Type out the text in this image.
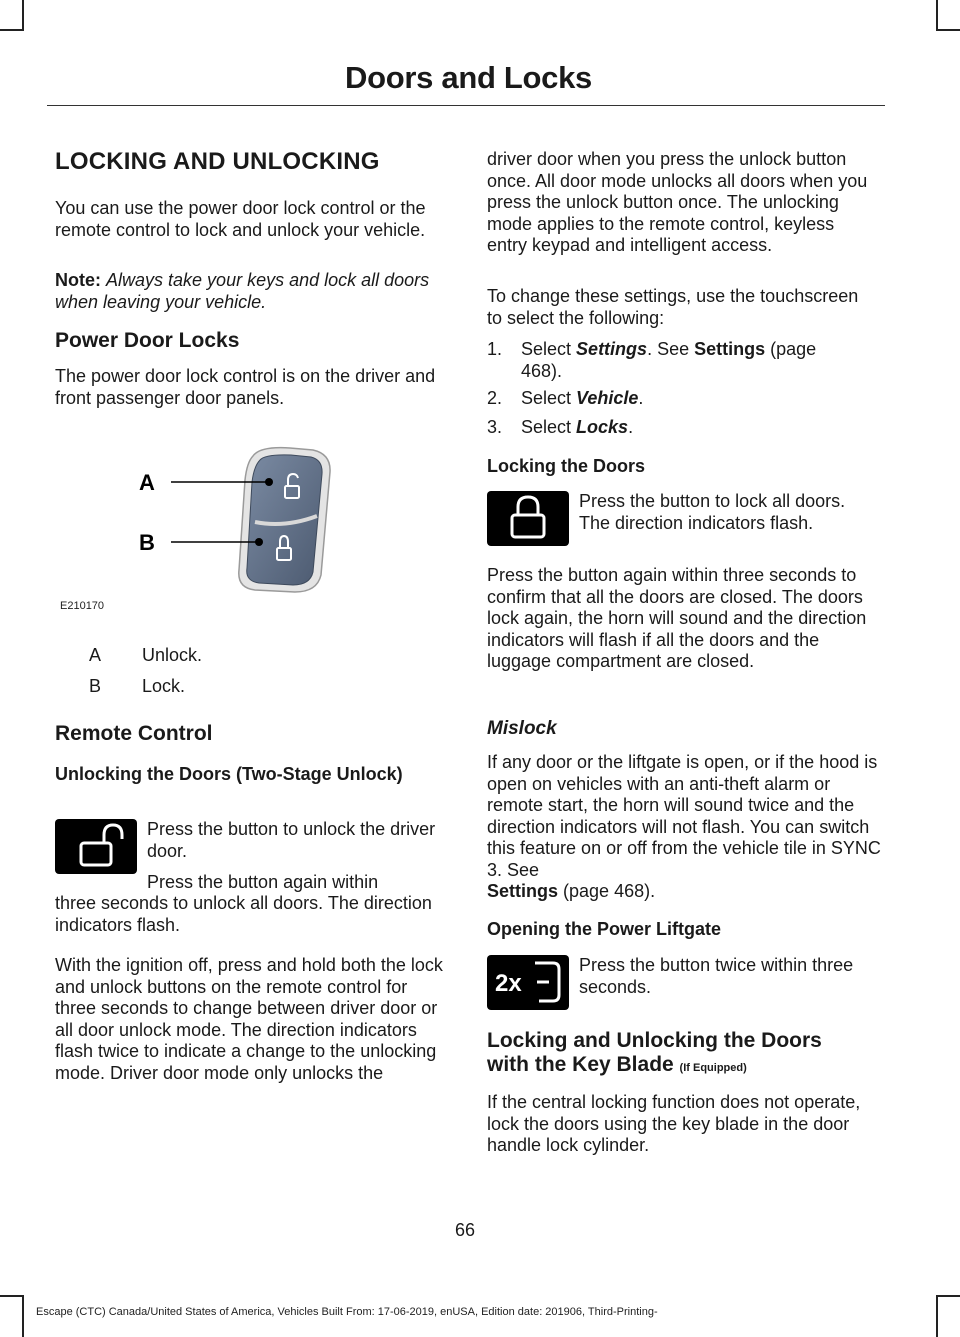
Doors and Locks
LOCKING AND UNLOCKING
You can use the power door lock control or the remote control to lock and unlock your vehicle.
Note: Always take your keys and lock all doors when leaving your vehicle.
Power Door Locks
The power door lock control is on the driver and front passenger door panels.
A
B
E210170
A Unlock.
B Lock.
Remote Control
Unlocking the Doors (Two-Stage Unlock)
Press the button to unlock the driver door.
Press the button again within
three seconds to unlock all doors. The direction indicators flash.
With the ignition off, press and hold both the lock and unlock buttons on the remote control for three seconds to change between driver door or all door unlock mode. The direction indicators flash twice to indicate a change to the unlocking mode. Driver door mode only unlocks the
driver door when you press the unlock button once. All door mode unlocks all doors when you press the unlock button once. The unlocking mode applies to the remote control, keyless entry keypad and intelligent access.
To change these settings, use the touchscreen to select the following:
1. Select Settings. See Settings (page
468).
2. Select Vehicle.
3. Select Locks.
Locking the Doors
Press the button to lock all doors. The direction indicators flash.
Press the button again within three seconds to confirm that all the doors are closed. The doors lock again, the horn will sound and the direction indicators will flash if all the doors and the luggage compartment are closed.
Mislock
If any door or the liftgate is open, or if the hood is open on vehicles with an anti-theft alarm or remote start, the horn will sound twice and the direction indicators will not flash. You can switch this feature on or off from the vehicle tile in SYNC 3. See
Settings (page 468).
Opening the Power Liftgate
2x
Press the button twice within three seconds.
Locking and Unlocking the Doors
with the Key Blade (If Equipped)
If the central locking function does not operate, lock the doors using the key blade in the door handle lock cylinder.
66
Escape (CTC) Canada/United States of America, Vehicles Built From: 17-06-2019, enUSA, Edition date: 201906, Third-Printing-
